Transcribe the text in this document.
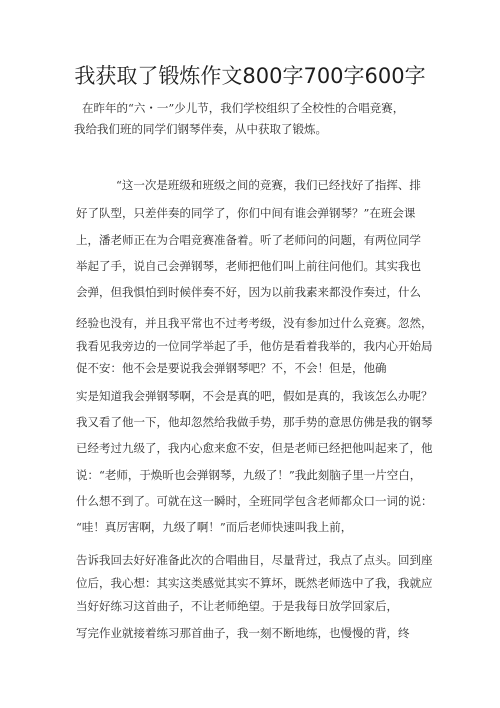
我获取了锻炼作文800字700字600字
在昨年的“六・一”少儿节，我们学校组织了全校性的合唱竞赛，
我给我们班的同学们钢琴伴奏，从中获取了锻炼。
“这一次是班级和班级之间的竞赛，我们已经找好了指挥、排
好了队型，只差伴奏的同学了，你们中间有谁会弹钢琴？”在班会课
上，潘老师正在为合唱竞赛准备着。听了老师问的问题，有两位同学
举起了手，说自己会弹钢琴，老师把他们叫上前往问他们。其实我也
会弹，但我惧怕到时候伴奏不好，因为以前我素来都没作奏过，什么
经验也没有，并且我平常也不过考考级，没有参加过什么竞赛。忽然，
我看见我旁边的一位同学举起了手，他仿是看着我举的，我内心开始局
促不安：他不会是要说我会弹钢琴吧？不，不会！但是，他确
实是知道我会弹钢琴啊，不会是真的吧，假如是真的，我该怎么办呢？
我又看了他一下，他却忽然给我做手势，那手势的意思仿佛是我的钢琴
已经考过九级了，我内心愈来愈不安，但是老师已经把他叫起来了，他
说：“老师，于焕昕也会弹钢琴，九级了！”我此刻脑子里一片空白，
什么想不到了。可就在这一瞬时，全班同学包含老师都众口一词的说：
“哇！真厉害啊，九级了啊！”而后老师快速叫我上前，
告诉我回去好好准备此次的合唱曲目，尽量背过，我点了点头。回到座
位后，我心想：其实这类感觉其实不算坏，既然老师选中了我，我就应
当好好练习这首曲子，不让老师绝望。于是我每日放学回家后，
写完作业就接着练习那首曲子，我一刻不断地练，也慢慢的背，终
